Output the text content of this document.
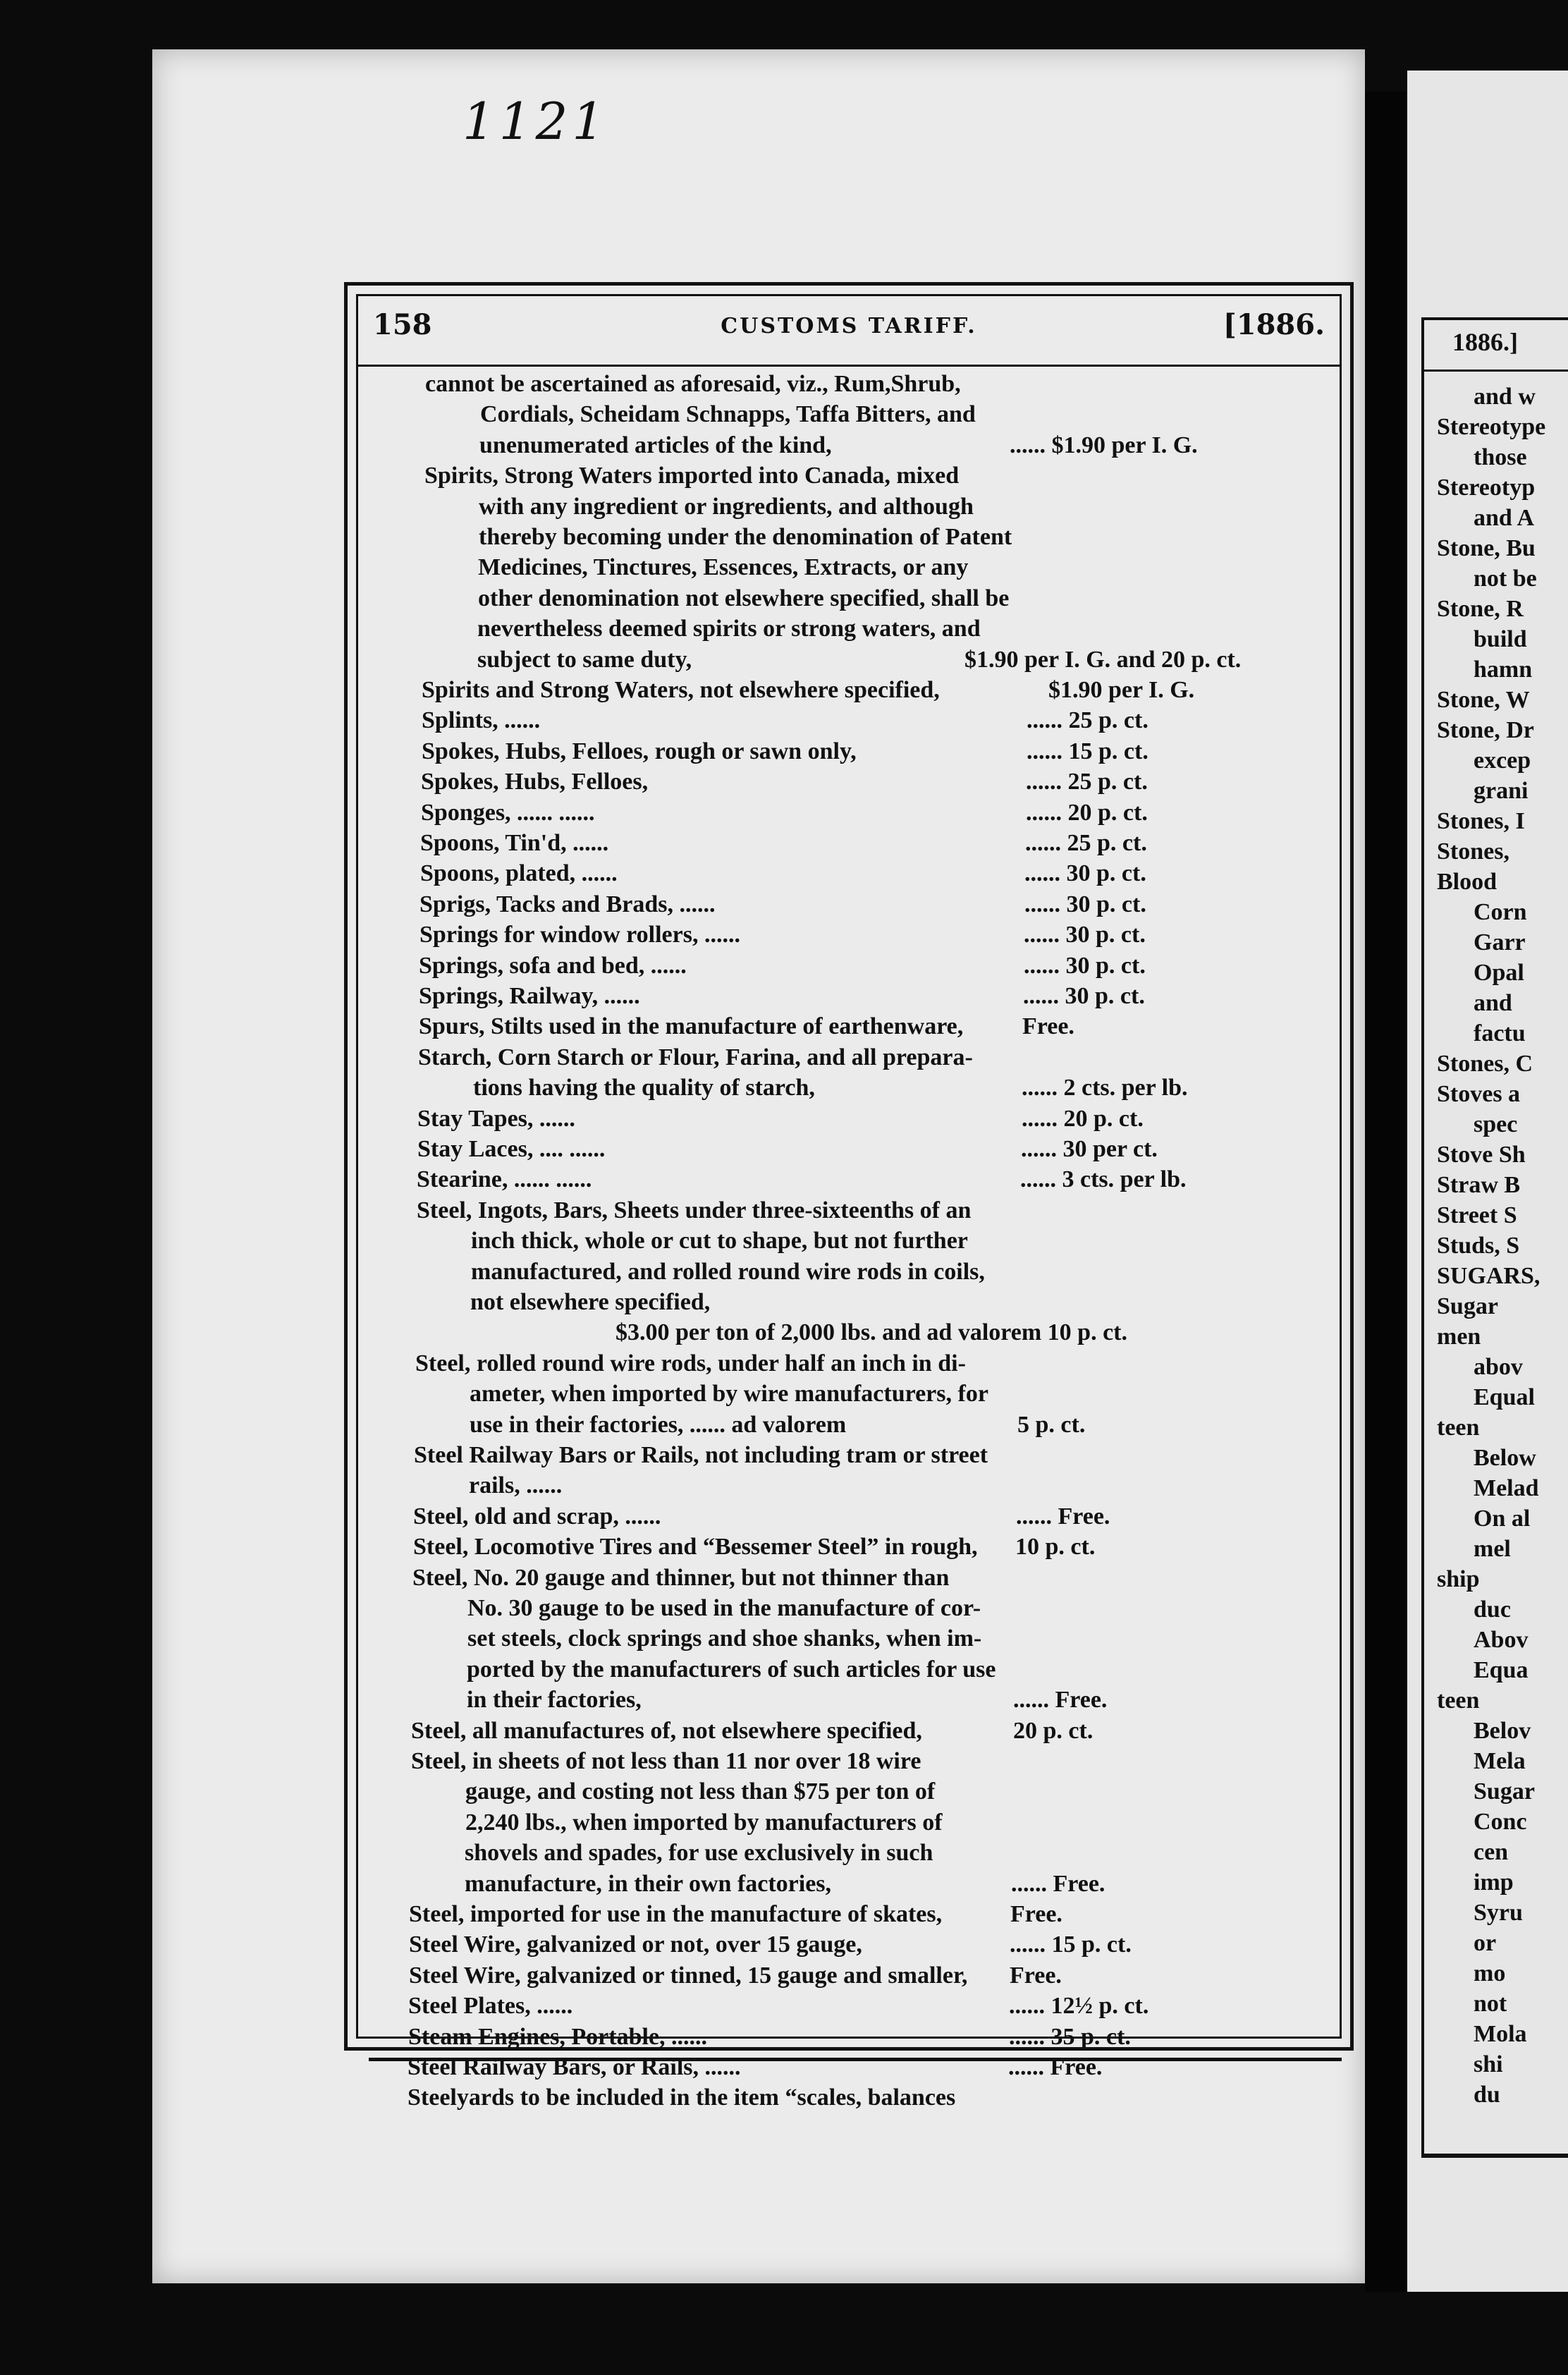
1121
1886.]
and w
Stereotype
those
Stereotyp
and A
Stone, Bu
not be
Stone, R
build
hamn
Stone, W
Stone, Dr
excep
grani
Stones, I
Stones,
Blood
Corn
Garr
Opal
and
factu
Stones, C
Stoves a
spec
Stove Sh
Straw B
Street S
Studs, S
SUGARS,
Sugar
men
abov
Equal
teen
Below
Melad
On al
mel
ship
duc
Abov
Equa
teen
Belov
Mela
Sugar
Conc
cen
imp
Syru
or
mo
not
Mola
shi
du
158	CUSTOMS TARIFF.	[1886.
cannot be ascertained as aforesaid, viz., Rum,Shrub,
Cordials, Scheidam Schnapps, Taffa Bitters, and
unenumerated articles of the kind,	...... $1.90 per I. G.
Spirits, Strong Waters imported into Canada, mixed
with any ingredient or ingredients, and although
thereby becoming under the denomination of Patent
Medicines, Tinctures, Essences, Extracts, or any
other denomination not elsewhere specified, shall be
nevertheless deemed spirits or strong waters, and
subject to same duty,	$1.90 per I. G. and 20 p. ct.
Spirits and Strong Waters, not elsewhere specified,	$1.90 per I. G.
Splints, ......	...... 25 p. ct.
Spokes, Hubs, Felloes, rough or sawn only,	...... 15 p. ct.
Spokes, Hubs, Felloes,	...... 25 p. ct.
Sponges, ...... ......	...... 20 p. ct.
Spoons, Tin'd, ......	...... 25 p. ct.
Spoons, plated, ......	...... 30 p. ct.
Sprigs, Tacks and Brads, ......	...... 30 p. ct.
Springs for window rollers, ......	...... 30 p. ct.
Springs, sofa and bed, ......	...... 30 p. ct.
Springs, Railway, ......	...... 30 p. ct.
Spurs, Stilts used in the manufacture of earthenware, Free.
Starch, Corn Starch or Flour, Farina, and all prepara-
tions having the quality of starch,	...... 2 cts. per lb.
Stay Tapes, ......	...... 20 p. ct.
Stay Laces, .... ......	...... 30 per ct.
Stearine, ...... ......	...... 3 cts. per lb.
Steel, Ingots, Bars, Sheets under three-sixteenths of an
inch thick, whole or cut to shape, but not further
manufactured, and rolled round wire rods in coils,
not elsewhere specified,
$3.00 per ton of 2,000 lbs. and ad valorem 10 p. ct.
Steel, rolled round wire rods, under half an inch in di-
ameter, when imported by wire manufacturers, for
use in their factories, ...... ad valorem	5 p. ct.
Steel Railway Bars or Rails, not including tram or street
rails, ......
Steel, old and scrap, ......	...... Free.
Steel, Locomotive Tires and “Bessemer Steel” in rough, 10 p. ct.
Steel, No. 20 gauge and thinner, but not thinner than
No. 30 gauge to be used in the manufacture of cor-
set steels, clock springs and shoe shanks, when im-
ported by the manufacturers of such articles for use
in their factories,	...... Free.
Steel, all manufactures of, not elsewhere specified,	20 p. ct.
Steel, in sheets of not less than 11 nor over 18 wire
gauge, and costing not less than $75 per ton of
2,240 lbs., when imported by manufacturers of
shovels and spades, for use exclusively in such
manufacture, in their own factories,	...... Free.
Steel, imported for use in the manufacture of skates,	Free.
Steel Wire, galvanized or not, over 15 gauge,	...... 15 p. ct.
Steel Wire, galvanized or tinned, 15 gauge and smaller, Free.
Steel Plates, ......	...... 12½ p. ct.
Steam Engines, Portable, ......	...... 35 p. ct.
Steel Railway Bars, or Rails, ......	...... Free.
Steelyards to be included in the item “scales, balances
